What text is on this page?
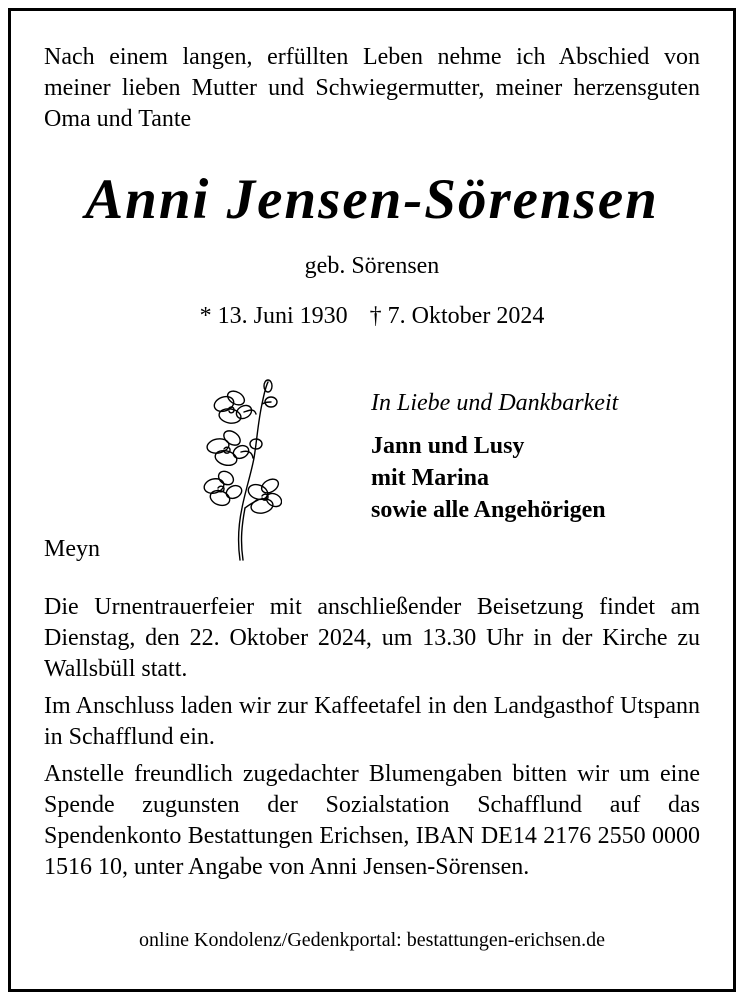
Nach einem langen, erfüllten Leben nehme ich Abschied von meiner lieben Mutter und Schwiegermutter, meiner herzensguten Oma und Tante
Anni Jensen-Sörensen
geb. Sörensen
* 13. Juni 1930 † 7. Oktober 2024
In Liebe und Dankbarkeit
Jann und Lusy
mit Marina
sowie alle Angehörigen
Meyn

Die Urnentrauerfeier mit anschließender Beisetzung findet am Dienstag, den 22. Oktober 2024, um 13.30 Uhr in der Kirche zu Wallsbüll statt.

Im Anschluss laden wir zur Kaffeetafel in den Landgasthof Utspann in Schafflund ein.

Anstelle freundlich zugedachter Blumengaben bitten wir um eine Spende zugunsten der Sozialstation Schafflund auf das Spendenkonto Bestattungen Erichsen, IBAN DE14 2176 2550 0000 1516 10, unter Angabe von Anni Jensen-Sörensen.

online Kondolenz/Gedenkportal: bestattungen-erichsen.de
